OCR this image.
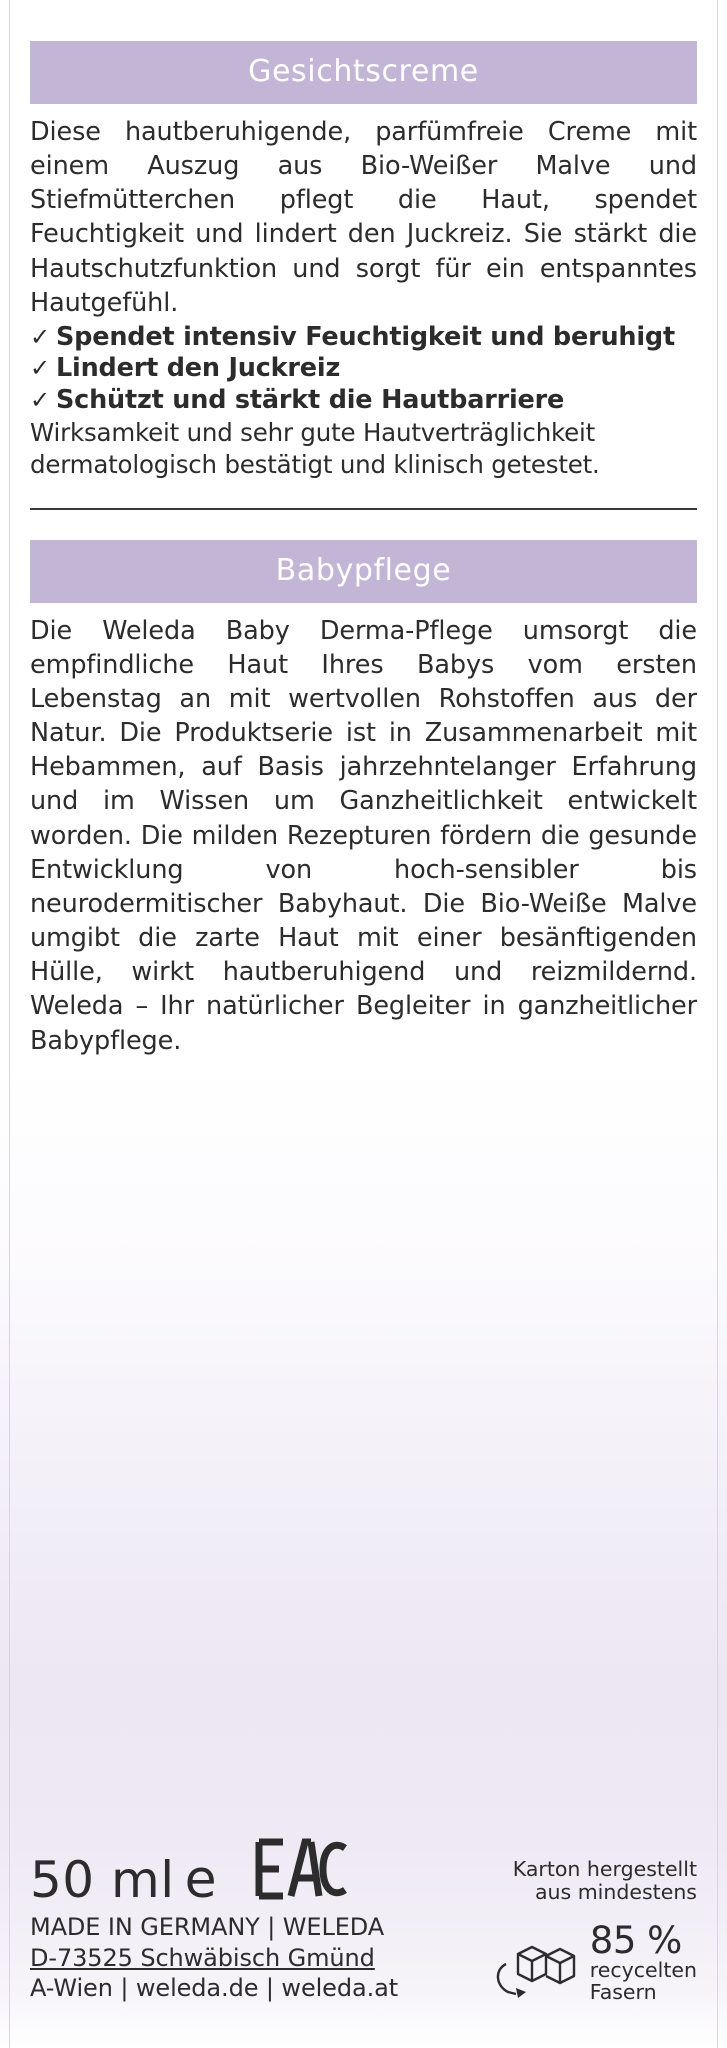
Gesichtscreme
Diese hautberuhigende, parfümfreie Creme mit einem Auszug aus Bio-Weißer Malve und Stiefmütterchen pflegt die Haut, spendet Feuchtigkeit und lindert den Juckreiz. Sie stärkt die Hautschutzfunktion und sorgt für ein entspanntes Hautgefühl.
✓ Spendet intensiv Feuchtigkeit und beruhigt
✓ Lindert den Juckreiz
✓ Schützt und stärkt die Hautbarriere
Wirksamkeit und sehr gute Hautverträglichkeit dermatologisch bestätigt und klinisch getestet.
Babypflege
Die Weleda Baby Derma-Pflege umsorgt die empfindliche Haut Ihres Babys vom ersten Lebenstag an mit wertvollen Rohstoffen aus der Natur. Die Produktserie ist in Zusammenarbeit mit Hebammen, auf Basis jahrzehntelanger Erfahrung und im Wissen um Ganzheitlichkeit entwickelt worden. Die milden Rezepturen fördern die gesunde Entwicklung von hoch-sensibler bis neurodermitischer Babyhaut. Die Bio-Weiße Malve umgibt die zarte Haut mit einer besänftigenden Hülle, wirkt hautberuhigend und reizmildernd. Weleda – Ihr natürlicher Begleiter in ganzheitlicher Babypflege.
50 ml e	Karton hergestellt
aus mindestens
MADE IN GERMANY | WELEDA
D-73525 Schwäbisch Gmünd
A-Wien | weleda.de | weleda.at
85 %
recycelten
Fasern
